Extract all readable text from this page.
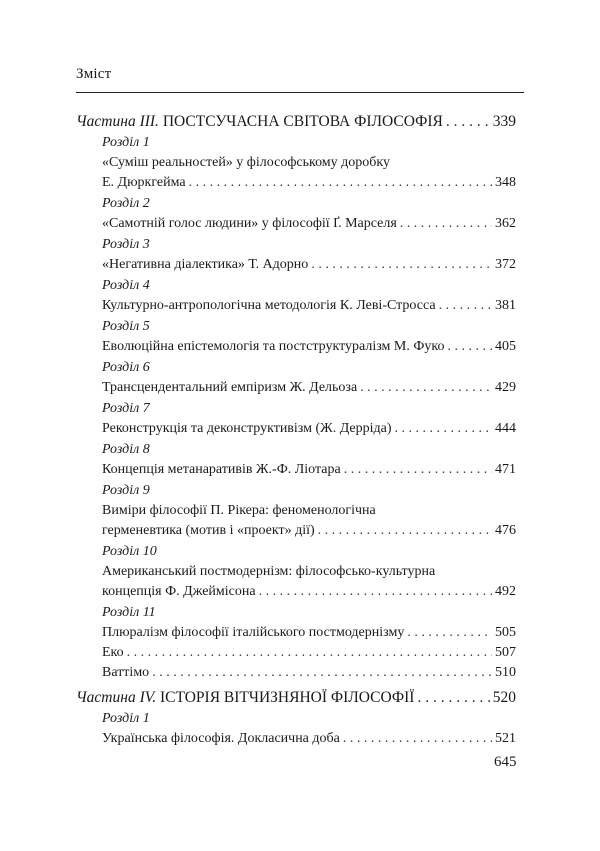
Зміст
Частина III. ПОСТСУЧАСНА СВІТОВА ФІЛОСОФІЯ . . .	339
Розділ 1
«Суміш реальностей» у філософському доробку
Е. Дюркгейма . . .	348
Розділ 2
«Самотній голос людини» у філософії Ґ. Марселя . . .	362
Розділ 3
«Негативна діалектика» Т. Адорно . . .	372
Розділ 4
Культурно-антропологічна методологія К. Леві-Стросса . . .	381
Розділ 5
Еволюційна епістемологія та постструктуралізм М. Фуко . . .	405
Розділ 6
Трансцендентальний емпіризм Ж. Дельоза . . .	429
Розділ 7
Реконструкція та деконструктивізм (Ж. Дерріда) . . .	444
Розділ 8
Концепція метанаративів Ж.-Ф. Ліотара . . .	471
Розділ 9
Виміри філософії П. Рікера: феноменологічна
герменевтика (мотив і «проект» дії) . . .	476
Розділ 10
Американський постмодернізм: філософсько-культурна
концепція Ф. Джеймісона . . .	492
Розділ 11
Плюралізм філософії італійського постмодернізму . . .	505
Еко . . .	507
Ваттімо . . .	510
Частина IV. ІСТОРІЯ ВІТЧИЗНЯНОЇ ФІЛОСОФІЇ . . .	520
Розділ 1
Українська філософія. Докласична доба . . .	521
645
